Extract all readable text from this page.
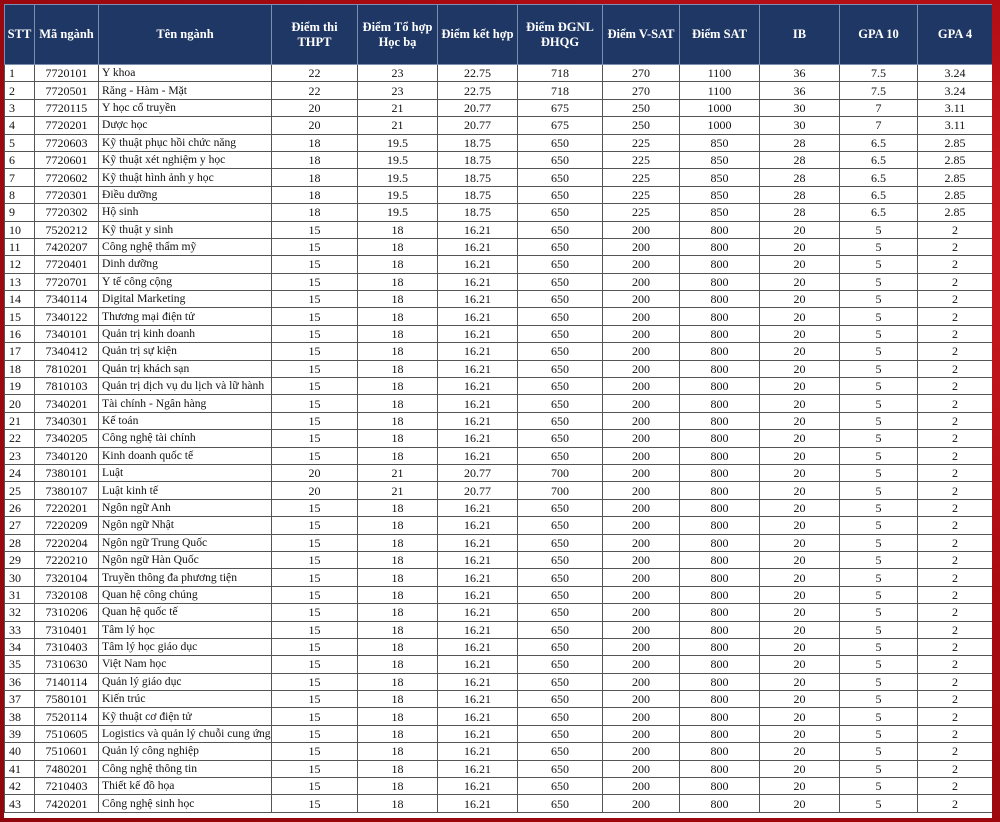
STT	Mã ngành	Tên ngành	Điểm thi THPT	Điểm Tổ hợp Học bạ	Điểm kết hợp	Điểm ĐGNL ĐHQG	Điểm V-SAT	Điểm SAT	IB	GPA 10	GPA 4
1	7720101	Y khoa	22	23	22.75	718	270	1100	36	7.5	3.24
2	7720501	Răng - Hàm - Mặt	22	23	22.75	718	270	1100	36	7.5	3.24
3	7720115	Y học cổ truyền	20	21	20.77	675	250	1000	30	7	3.11
4	7720201	Dược học	20	21	20.77	675	250	1000	30	7	3.11
5	7720603	Kỹ thuật phục hồi chức năng	18	19.5	18.75	650	225	850	28	6.5	2.85
6	7720601	Kỹ thuật xét nghiệm y học	18	19.5	18.75	650	225	850	28	6.5	2.85
7	7720602	Kỹ thuật hình ảnh y học	18	19.5	18.75	650	225	850	28	6.5	2.85
8	7720301	Điều dưỡng	18	19.5	18.75	650	225	850	28	6.5	2.85
9	7720302	Hộ sinh	18	19.5	18.75	650	225	850	28	6.5	2.85
10	7520212	Kỹ thuật y sinh	15	18	16.21	650	200	800	20	5	2
11	7420207	Công nghệ thẩm mỹ	15	18	16.21	650	200	800	20	5	2
12	7720401	Dinh dưỡng	15	18	16.21	650	200	800	20	5	2
13	7720701	Y tế công cộng	15	18	16.21	650	200	800	20	5	2
14	7340114	Digital Marketing	15	18	16.21	650	200	800	20	5	2
15	7340122	Thương mại điện tử	15	18	16.21	650	200	800	20	5	2
16	7340101	Quản trị kinh doanh	15	18	16.21	650	200	800	20	5	2
17	7340412	Quản trị sự kiện	15	18	16.21	650	200	800	20	5	2
18	7810201	Quản trị khách sạn	15	18	16.21	650	200	800	20	5	2
19	7810103	Quản trị dịch vụ du lịch và lữ hành	15	18	16.21	650	200	800	20	5	2
20	7340201	Tài chính - Ngân hàng	15	18	16.21	650	200	800	20	5	2
21	7340301	Kế toán	15	18	16.21	650	200	800	20	5	2
22	7340205	Công nghệ tài chính	15	18	16.21	650	200	800	20	5	2
23	7340120	Kinh doanh quốc tế	15	18	16.21	650	200	800	20	5	2
24	7380101	Luật	20	21	20.77	700	200	800	20	5	2
25	7380107	Luật kinh tế	20	21	20.77	700	200	800	20	5	2
26	7220201	Ngôn ngữ Anh	15	18	16.21	650	200	800	20	5	2
27	7220209	Ngôn ngữ Nhật	15	18	16.21	650	200	800	20	5	2
28	7220204	Ngôn ngữ Trung Quốc	15	18	16.21	650	200	800	20	5	2
29	7220210	Ngôn ngữ Hàn Quốc	15	18	16.21	650	200	800	20	5	2
30	7320104	Truyền thông đa phương tiện	15	18	16.21	650	200	800	20	5	2
31	7320108	Quan hệ công chúng	15	18	16.21	650	200	800	20	5	2
32	7310206	Quan hệ quốc tế	15	18	16.21	650	200	800	20	5	2
33	7310401	Tâm lý học	15	18	16.21	650	200	800	20	5	2
34	7310403	Tâm lý học giáo dục	15	18	16.21	650	200	800	20	5	2
35	7310630	Việt Nam học	15	18	16.21	650	200	800	20	5	2
36	7140114	Quản lý giáo dục	15	18	16.21	650	200	800	20	5	2
37	7580101	Kiến trúc	15	18	16.21	650	200	800	20	5	2
38	7520114	Kỹ thuật cơ điện tử	15	18	16.21	650	200	800	20	5	2
39	7510605	Logistics và quản lý chuỗi cung ứng	15	18	16.21	650	200	800	20	5	2
40	7510601	Quản lý công nghiệp	15	18	16.21	650	200	800	20	5	2
41	7480201	Công nghệ thông tin	15	18	16.21	650	200	800	20	5	2
42	7210403	Thiết kế đồ họa	15	18	16.21	650	200	800	20	5	2
43	7420201	Công nghệ sinh học	15	18	16.21	650	200	800	20	5	2
